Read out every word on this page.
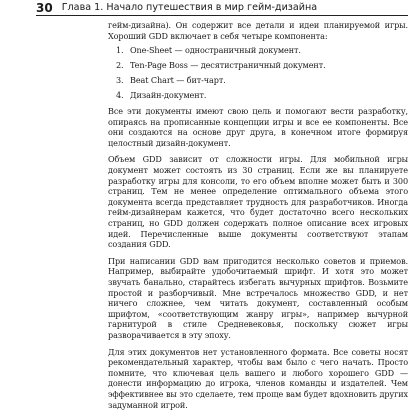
30 Глава 1. Начало путешествия в мир гейм-дизайна

гейм-дизайна). Он содержит все детали и идеи планируемой игры. Хороший GDD включает в себя четыре компонента:

1. One-Sheet — одностраничный документ.
2. Ten-Page Boss — десятистраничный документ.
3. Beat Chart — бит-чарт.
4. Дизайн-документ.

Все эти документы имеют свою цель и помогают вести разработку, опираясь на прописанные концепции игры и все ее компоненты. Все они создаются на основе друг друга, в конечном итоге формируя целостный дизайн-документ.

Объем GDD зависит от сложности игры. Для мобильной игры документ может состоять из 30 страниц. Если же вы планируете разработку игры для консоли, то его объем вполне может быть и 300 страниц. Тем не менее определение оптимального объема этого документа всегда представляет трудность для разработчиков. Иногда гейм-дизайнерам кажется, что будет достаточно всего нескольких страниц, но GDD должен содержать полное описание всех игровых идей. Перечисленные выше документы соответствуют этапам создания GDD.

При написании GDD вам пригодится несколько советов и приемов. Например, выбирайте удобочитаемый шрифт. И хотя это может звучать банально, старайтесь избегать вычурных шрифтов. Возьмите простой и разборчивый. Мне встречалось множество GDD, и нет ничего сложнее, чем читать документ, составленный особым шрифтом, «соответствующим жанру игры», например вычурной гарнитурой в стиле Средневековья, поскольку сюжет игры разворачивается в эту эпоху.

Для этих документов нет установленного формата. Все советы носят рекомендательный характер, чтобы вам было с чего начать. Просто помните, что ключевая цель вашего и любого хорошего GDD — донести информацию до игрока, членов команды и издателей. Чем эффективнее вы это сделаете, тем проще вам будет вдохновить других задуманной игрой.
